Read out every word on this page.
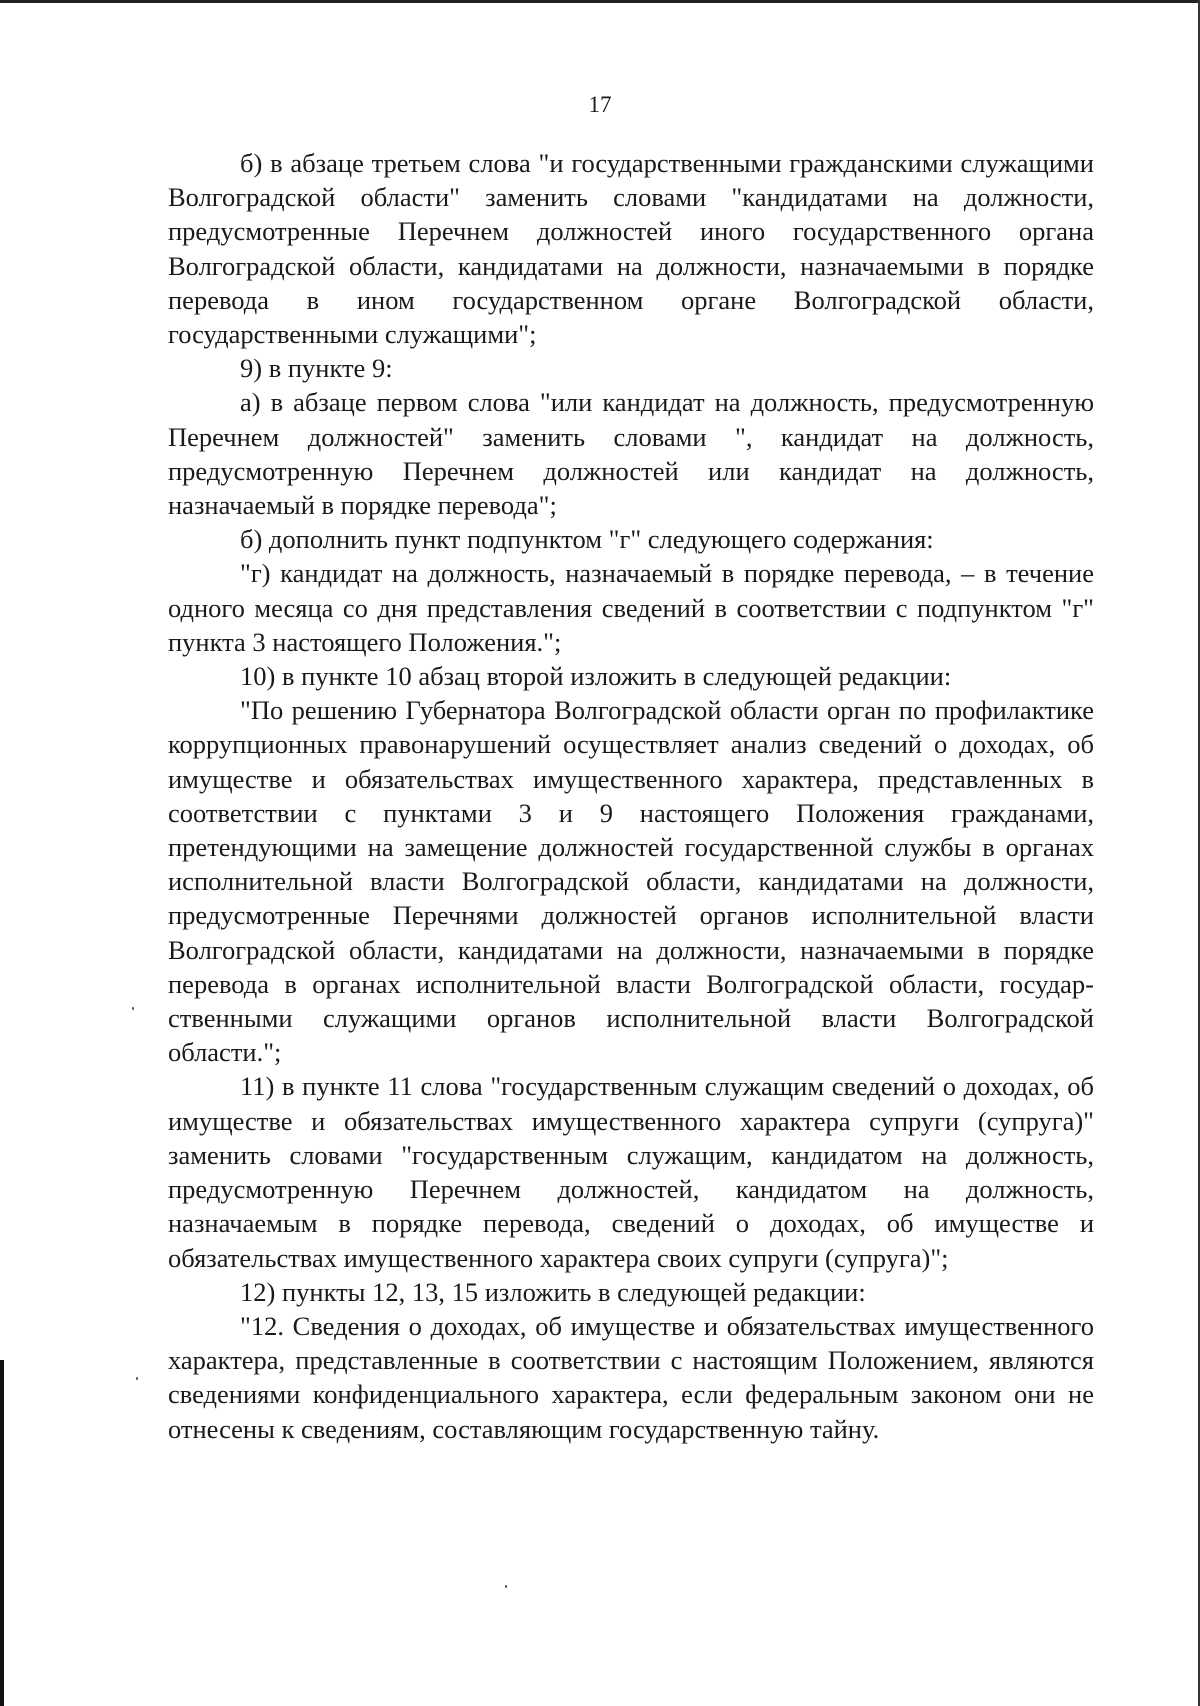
17

б) в абзаце третьем слова "и государственными гражданскими служащими Волгоградской области" заменить словами "кандидатами на должности, предусмотренные Перечнем должностей иного государственного органа Волгоградской области, кандидатами на должности, назначаемыми в порядке перевода в ином государственном органе Волгоградской области, государственными служащими";

9) в пункте 9:

а) в абзаце первом слова "или кандидат на должность, предусмотренную Перечнем должностей" заменить словами ", кандидат на должность, предусмотренную Перечнем должностей или кандидат на должность, назначаемый в порядке перевода";

б) дополнить пункт подпунктом "г" следующего содержания:

"г) кандидат на должность, назначаемый в порядке перевода, – в течение одного месяца со дня представления сведений в соответствии с подпунктом "г" пункта 3 настоящего Положения.";

10) в пункте 10 абзац второй изложить в следующей редакции:

"По решению Губернатора Волгоградской области орган по профилактике коррупционных правонарушений осуществляет анализ сведений о доходах, об имуществе и обязательствах имущественного характера, представленных в соответствии с пунктами 3 и 9 настоящего Положения гражданами, претендующими на замещение должностей государственной службы в органах исполнительной власти Волгоградской области, кандидатами на должности, предусмотренные Перечнями должностей органов исполнительной власти Волгоградской области, кандидатами на должности, назначаемыми в порядке перевода в органах исполнительной власти Волгоградской области, государ-ственными служащими органов исполнительной власти Волгоградской области.";

11) в пункте 11 слова "государственным служащим сведений о доходах, об имуществе и обязательствах имущественного характера супруги (супруга)" заменить словами "государственным служащим, кандидатом на должность, предусмотренную Перечнем должностей, кандидатом на должность, назначаемым в порядке перевода, сведений о доходах, об имуществе и обязательствах имущественного характера своих супруги (супруга)";

12) пункты 12, 13, 15 изложить в следующей редакции:

"12. Сведения о доходах, об имуществе и обязательствах имущественного характера, представленные в соответствии с настоящим Положением, являются сведениями конфиденциального характера, если федеральным законом они не отнесены к сведениям, составляющим государственную тайну.
